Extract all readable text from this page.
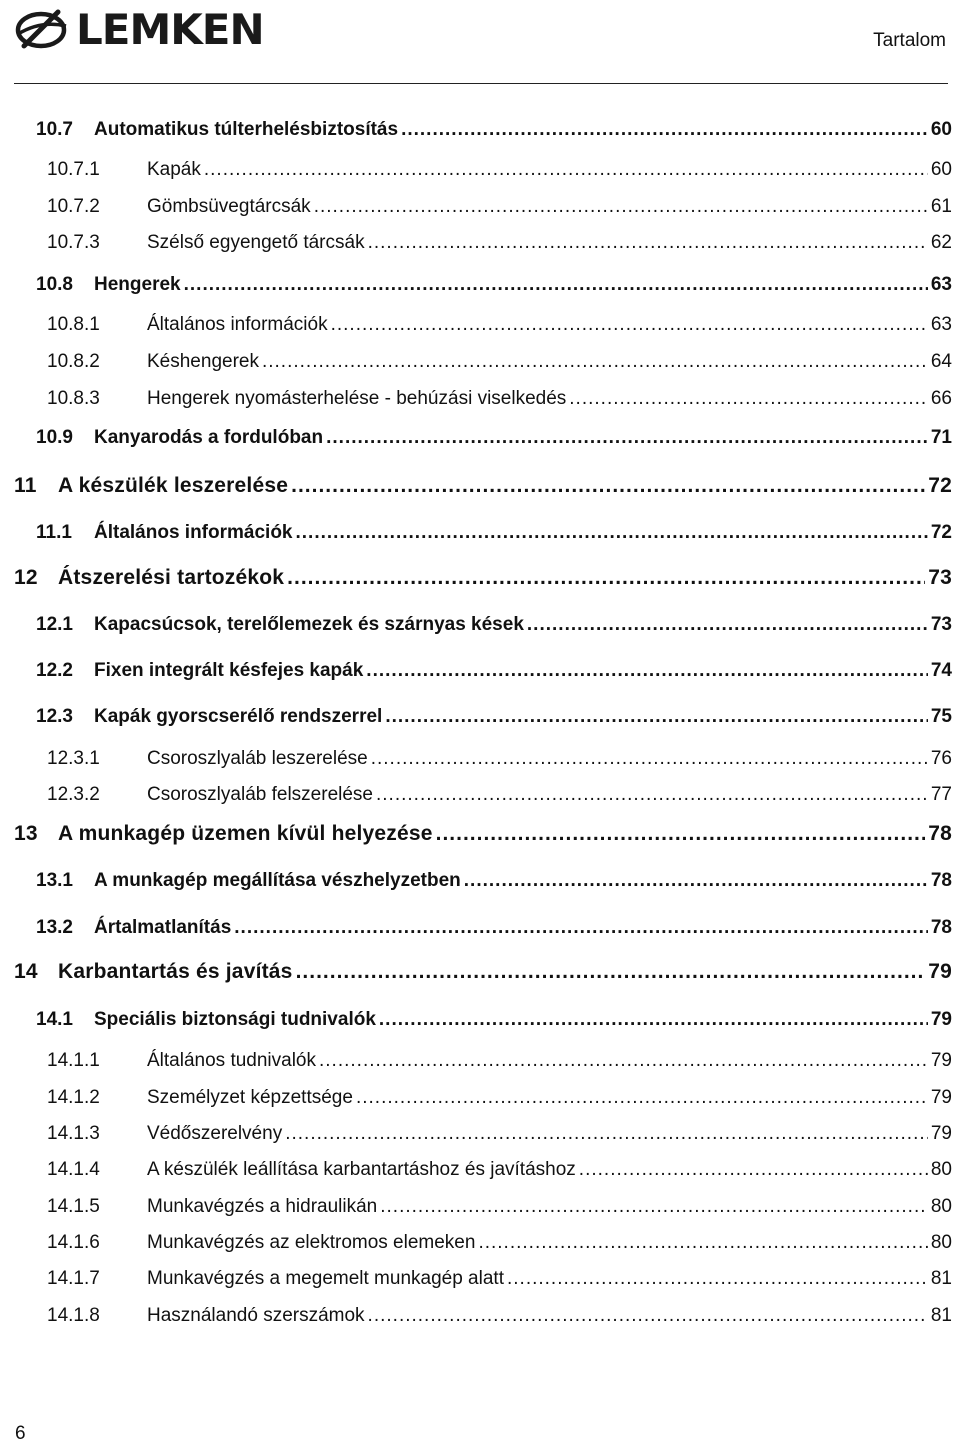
LEMKEN	Tartalom
10.7	Automatikus túlterhelésbiztosítás .....	60
10.7.1	Kapák .....	60
10.7.2	Gömbsüvegtárcsák .....	61
10.7.3	Szélső egyengető tárcsák .....	62
10.8	Hengerek .....	63
10.8.1	Általános információk .....	63
10.8.2	Késhengerek .....	64
10.8.3	Hengerek nyomásterhelése - behúzási viselkedés .....	66
10.9	Kanyarodás a fordulóban .....	71
11	A készülék leszerelése .....	72
11.1	Általános információk .....	72
12 Átszerelési tartozékok .....	73
12.1	Kapacsúcsok, terelőlemezek és szárnyas kések .....	73
12.2	Fixen integrált késfejes kapák .....	74
12.3	Kapák gyorscserélő rendszerrel .....	75
12.3.1	Csoroszlyaláb leszerelése .....	76
12.3.2	Csoroszlyaláb felszerelése .....	77
13 A munkagép üzemen kívül helyezése .....	78
13.1	A munkagép megállítása vészhelyzetben .....	78
13.2	Ártalmatlanítás .....	78
14 Karbantartás és javítás .....	79
14.1	Speciális biztonsági tudnivalók .....	79
14.1.1	Általános tudnivalók .....	79
14.1.2	Személyzet képzettsége .....	79
14.1.3	Védőszerelvény .....	79
14.1.4	A készülék leállítása karbantartáshoz és javításhoz .....	80
14.1.5	Munkavégzés a hidraulikán .....	80
14.1.6	Munkavégzés az elektromos elemeken .....	80
14.1.7	Munkavégzés a megemelt munkagép alatt .....	81
14.1.8	Használandó szerszámok .....	81
6
